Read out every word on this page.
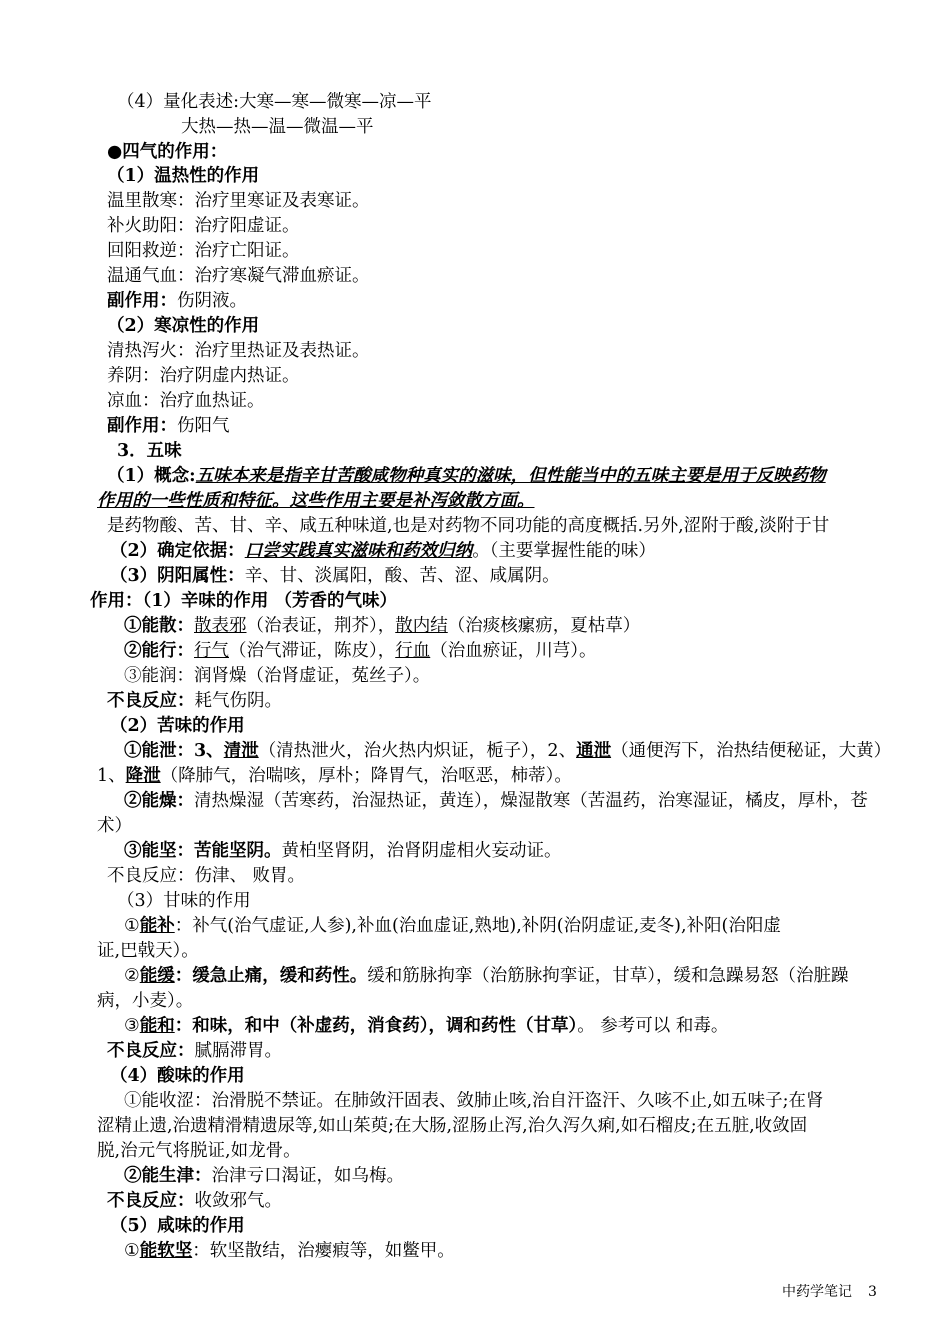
（4）量化表述:大寒—寒—微寒—凉—平
大热—热—温—微温—平
●四气的作用：
（1）温热性的作用
温里散寒：治疗里寒证及表寒证。
补火助阳：治疗阳虚证。
回阳救逆：治疗亡阳证。
温通气血：治疗寒凝气滞血瘀证。
副作用：伤阴液。
（2）寒凉性的作用
清热泻火：治疗里热证及表热证。
养阴：治疗阴虚内热证。
凉血：治疗血热证。
副作用：伤阳气
3．五味
（1）概念:五味本来是指辛甘苦酸咸物种真实的滋味，但性能当中的五味主要是用于反映药物
作用的一些性质和特征。这些作用主要是补泻敛散方面。
是药物酸、苦、甘、辛、咸五种味道,也是对药物不同功能的高度概括.另外,涩附于酸,淡附于甘
（2）确定依据：口尝实践真实滋味和药效归纳。（主要掌握性能的味）
（3）阴阳属性：辛、甘、淡属阳，酸、苦、涩、咸属阴。
作用：（1）辛味的作用 （芳香的气味）
①能散：散表邪（治表证，荆芥），散内结（治痰核瘰疬，夏枯草）
②能行：行气（治气滞证，陈皮），行血（治血瘀证，川芎）。
③能润：润肾燥（治肾虚证，菟丝子）。
不良反应：耗气伤阴。
（2）苦味的作用
①能泄：3、清泄（清热泄火，治火热内炽证，栀子），2、通泄（通便泻下，治热结便秘证，大黄）
1、降泄（降肺气，治喘咳，厚朴；降胃气，治呕恶，柿蒂）。
②能燥：清热燥湿（苦寒药，治湿热证，黄连），燥湿散寒（苦温药，治寒湿证，橘皮，厚朴，苍
术）
③能坚：苦能坚阴。黄柏坚肾阴，治肾阴虚相火妄动证。
不良反应：伤津、 败胃。
（3）甘味的作用
①能补：补气(治气虚证,人参),补血(治血虚证,熟地),补阴(治阴虚证,麦冬),补阳(治阳虚
证,巴戟天）。
②能缓：缓急止痛，缓和药性。缓和筋脉拘挛（治筋脉拘挛证，甘草），缓和急躁易怒（治脏躁
病，小麦）。
③能和：和味，和中（补虚药，消食药），调和药性（甘草）。 参考可以 和毒。
不良反应：腻膈滞胃。
（4）酸味的作用
①能收涩：治滑脱不禁证。在肺敛汗固表、敛肺止咳,治自汗盗汗、久咳不止,如五味子;在肾
涩精止遗,治遗精滑精遗尿等,如山茱萸;在大肠,涩肠止泻,治久泻久痢,如石榴皮;在五脏,收敛固
脱,治元气将脱证,如龙骨。
②能生津：治津亏口渴证，如乌梅。
不良反应：收敛邪气。
（5）咸味的作用
①能软坚：软坚散结，治瘿瘕等，如鳖甲。
中药学笔记 3
